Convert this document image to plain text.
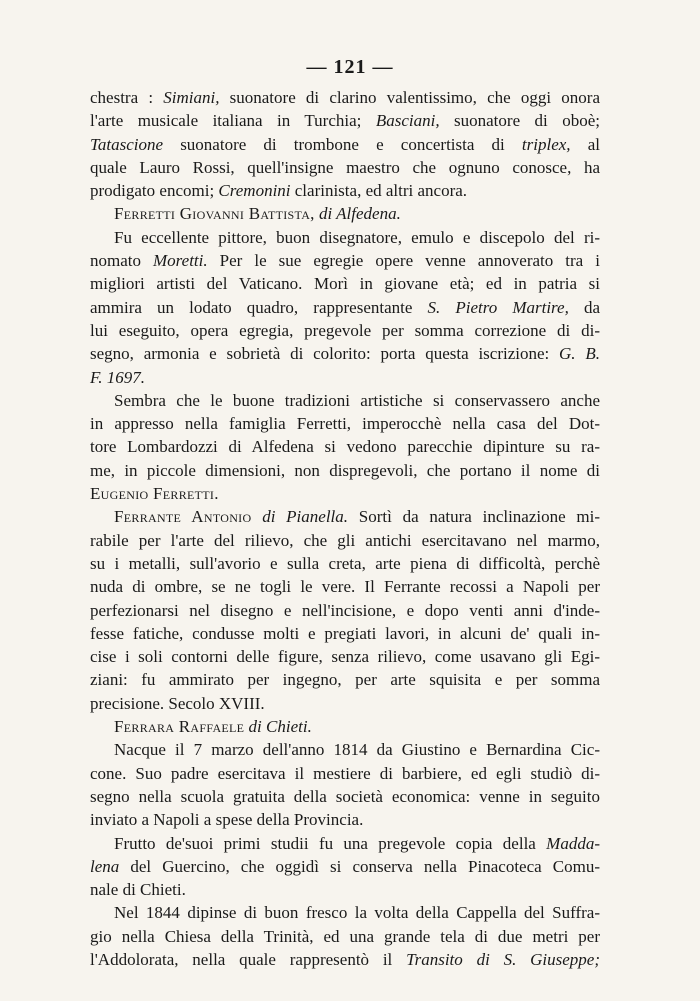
— 121 —
chestra : Simiani, suonatore di clarino valentissimo, che oggi onora
l'arte musicale italiana in Turchia; Basciani, suonatore di oboè;
Tatascione suonatore di trombone e concertista di triplex, al
quale Lauro Rossi, quell'insigne maestro che ognuno conosce, ha
prodigato encomi; Cremonini clarinista, ed altri ancora.
Ferretti Giovanni Battista, di Alfedena.
Fu eccellente pittore, buon disegnatore, emulo e discepolo del ri-
nomato Moretti. Per le sue egregie opere venne annoverato tra i
migliori artisti del Vaticano. Morì in giovane età; ed in patria si
ammira un lodato quadro, rappresentante S. Pietro Martire, da
lui eseguito, opera egregia, pregevole per somma correzione di di-
segno, armonia e sobrietà di colorito: porta questa iscrizione: G. B.
F. 1697.
Sembra che le buone tradizioni artistiche si conservassero anche
in appresso nella famiglia Ferretti, imperocchè nella casa del Dot-
tore Lombardozzi di Alfedena si vedono parecchie dipinture su ra-
me, in piccole dimensioni, non dispregevoli, che portano il nome di
Eugenio Ferretti.
Ferrante Antonio di Pianella. Sortì da natura inclinazione mi-
rabile per l'arte del rilievo, che gli antichi esercitavano nel marmo,
su i metalli, sull'avorio e sulla creta, arte piena di difficoltà, perchè
nuda di ombre, se ne togli le vere. Il Ferrante recossi a Napoli per
perfezionarsi nel disegno e nell'incisione, e dopo venti anni d'inde-
fesse fatiche, condusse molti e pregiati lavori, in alcuni de' quali in-
cise i soli contorni delle figure, senza rilievo, come usavano gli Egi-
ziani: fu ammirato per ingegno, per arte squisita e per somma
precisione. Secolo XVIII.
Ferrara Raffaele di Chieti.
Nacque il 7 marzo dell'anno 1814 da Giustino e Bernardina Cic-
cone. Suo padre esercitava il mestiere di barbiere, ed egli studiò di-
segno nella scuola gratuita della società economica: venne in seguito
inviato a Napoli a spese della Provincia.
Frutto de'suoi primi studii fu una pregevole copia della Madda-
lena del Guercino, che oggidì si conserva nella Pinacoteca Comu-
nale di Chieti.
Nel 1844 dipinse di buon fresco la volta della Cappella del Suffra-
gio nella Chiesa della Trinità, ed una grande tela di due metri per
l'Addolorata, nella quale rappresentò il Transito di S. Giuseppe;
